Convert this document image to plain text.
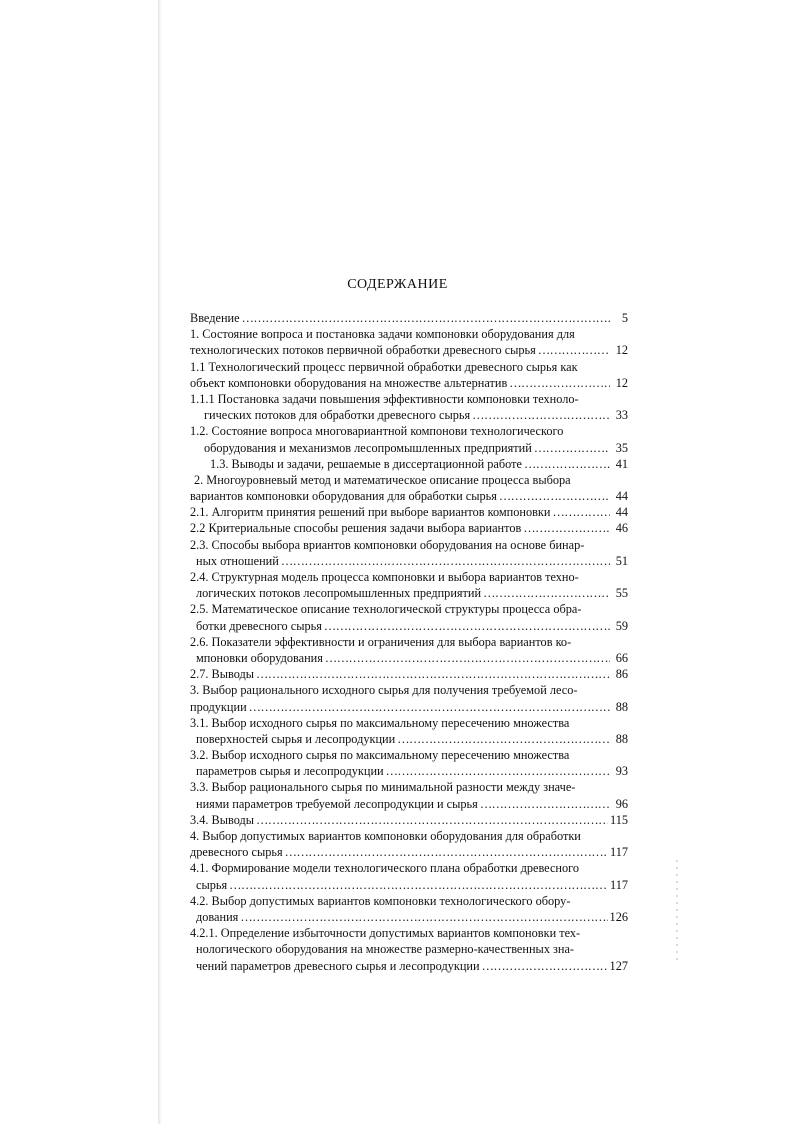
СОДЕРЖАНИЕ
Введение ……………………………………………………………………………………………………………………………………………	5
1. Состояние вопроса и постановка задачи компоновки оборудования для
технологических потоков первичной обработки древесного сырья ……………………………………………………………………………………………………………………………………………	12
1.1 Технологический процесс первичной обработки древесного сырья как
объект компоновки оборудования на множестве альтернатив ……………………………………………………………………………………………………………………………………………	12
1.1.1 Постановка задачи повышения эффективности компоновки техноло-
гических потоков для обработки древесного сырья ……………………………………………………………………………………………………………………………………………	33
1.2. Состояние вопроса многовариантной компонови технологического
оборудования и механизмов лесопромышленных предприятий ……………………………………………………………………………………………………………………………………………	35
1.3. Выводы и задачи, решаемые в диссертационной работе ……………………………………………………………………………………………………………………………………………	41
2. Многоуровневый метод и математическое описание процесса выбора
вариантов компоновки оборудования для обработки сырья ……………………………………………………………………………………………………………………………………………	44
2.1. Алгоритм принятия решений при выборе вариантов компоновки ……………………………………………………………………………………………………………………………………………	44
2.2 Критериальные способы решения задачи выбора вариантов ……………………………………………………………………………………………………………………………………………	46
2.3. Способы выбора вриантов компоновки оборудования на основе бинар-
ных отношений ……………………………………………………………………………………………………………………………………………	51
2.4. Структурная модель процесса компоновки и выбора вариантов техно-
логических потоков лесопромышленных предприятий ……………………………………………………………………………………………………………………………………………	55
2.5. Математическое описание технологической структуры процесса обра-
ботки древесного сырья ……………………………………………………………………………………………………………………………………………	59
2.6. Показатели эффективности и ограничения для выбора вариантов ко-
мпоновки оборудования ……………………………………………………………………………………………………………………………………………	66
2.7. Выводы ……………………………………………………………………………………………………………………………………………	86
3. Выбор рационального исходного сырья для получения требуемой лесо-
продукции ……………………………………………………………………………………………………………………………………………	88
3.1. Выбор исходного сырья по максимальному пересечению множества
поверхностей сырья и лесопродукции ……………………………………………………………………………………………………………………………………………	88
3.2. Выбор исходного сырья по максимальному пересечению множества
параметров сырья и лесопродукции ……………………………………………………………………………………………………………………………………………	93
3.3. Выбор рационального сырья по минимальной разности между значе-
ниями параметров требуемой лесопродукции и сырья ……………………………………………………………………………………………………………………………………………	96
3.4. Выводы ……………………………………………………………………………………………………………………………………………	115
4. Выбор допустимых вариантов компоновки оборудования для обработки
древесного сырья ……………………………………………………………………………………………………………………………………………	117
4.1. Формирование модели технологического плана обработки древесного
сырья ……………………………………………………………………………………………………………………………………………	117
4.2. Выбор допустимых вариантов компоновки технологического обору-
дования ……………………………………………………………………………………………………………………………………………	126
4.2.1. Определение избыточности допустимых вариантов компоновки тех-
нологического оборудования на множестве размерно-качественных зна-
чений параметров древесного сырья и лесопродукции ……………………………………………………………………………………………………………………………………………	127
